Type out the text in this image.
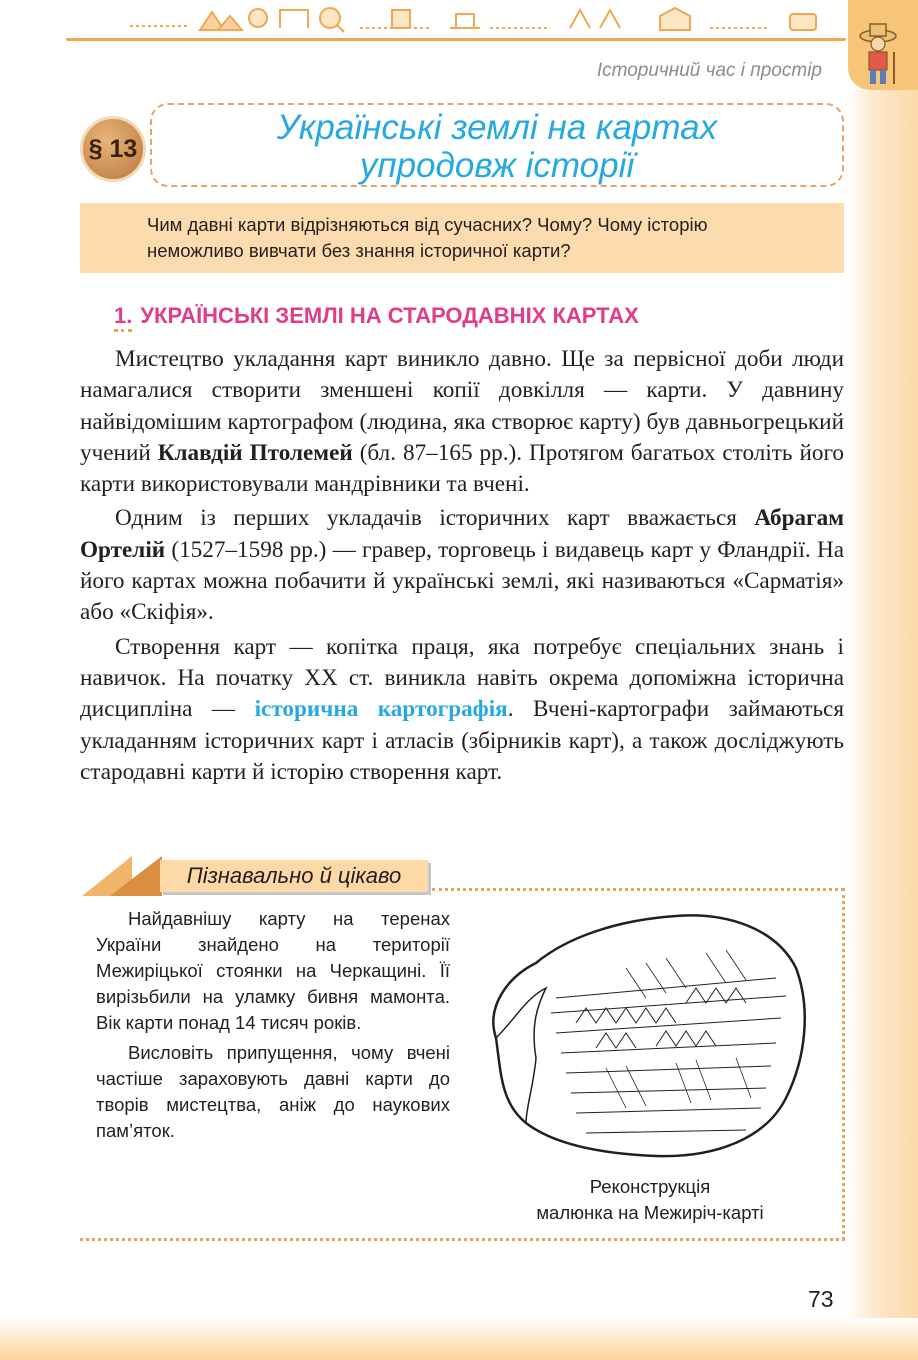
Історичний час і простір
§ 13
Українські землі на картах
упродовж історії
Чим давні карти відрізняються від сучасних? Чому? Чому історію
неможливо вивчати без знання історичної карти?
1. УКРАЇНСЬКІ ЗЕМЛІ НА СТАРОДАВНІХ КАРТАХ

Мистецтво укладання карт виникло давно. Ще за первісної доби люди намагалися створити зменшені копії довкілля — карти. У давнину найвідомішим картографом (людина, яка створює карту) був давньогрецький учений Клавдій Птолемей (бл. 87–165 рр.). Протягом багатьох століть його карти використовували мандрівники та вчені.

Одним із перших укладачів історичних карт вважається Абрагам Ортелій (1527–1598 рр.) — гравер, торговець і видавець карт у Фландрії. На його картах можна побачити й українські землі, які називаються «Сарматія» або «Скіфія».

Створення карт — копітка праця, яка потребує спеціальних знань і навичок. На початку XX ст. виникла навіть окрема допоміжна історична дисципліна — історична картографія. Вчені-картографи займаються укладанням історичних карт і атласів (збірників карт), а також досліджують стародавні карти й історію створення карт.

Пізнавально й цікаво

Найдавнішу карту на теренах України знайдено на території Межиріцької стоянки на Черкащині. Її вирізьбили на уламку бивня мамонта. Вік карти понад 14 тисяч років.

Висловіть припущення, чому вчені частіше зараховують давні карти до творів мистецтва, аніж до наукових пам’яток.

Реконструкція
малюнка на Межиріч-карті
73
